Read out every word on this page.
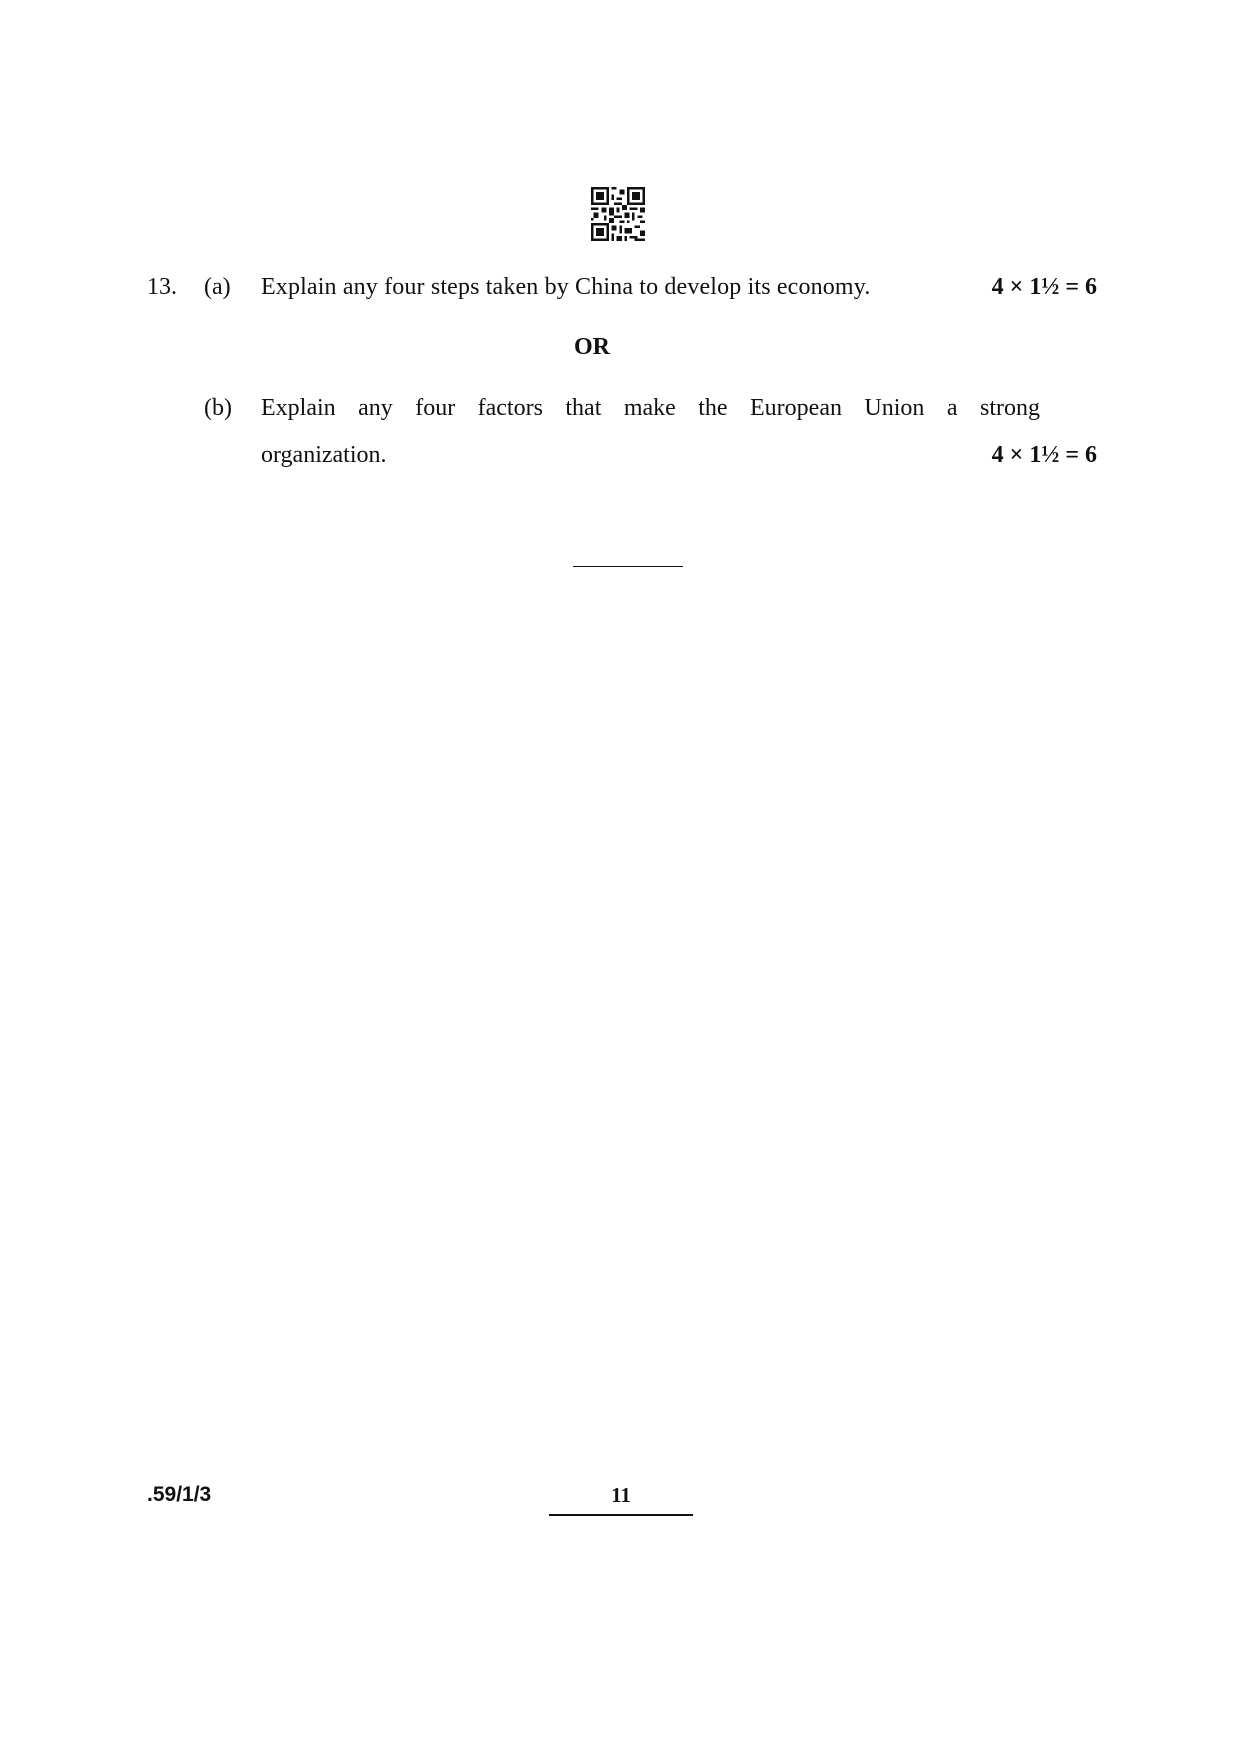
13. (a) Explain any four steps taken by China to develop its economy.	4 × 1½ = 6
OR
(b) Explain any four factors that make the European Union a strong
organization.	4 × 1½ = 6
.59/1/3	11
